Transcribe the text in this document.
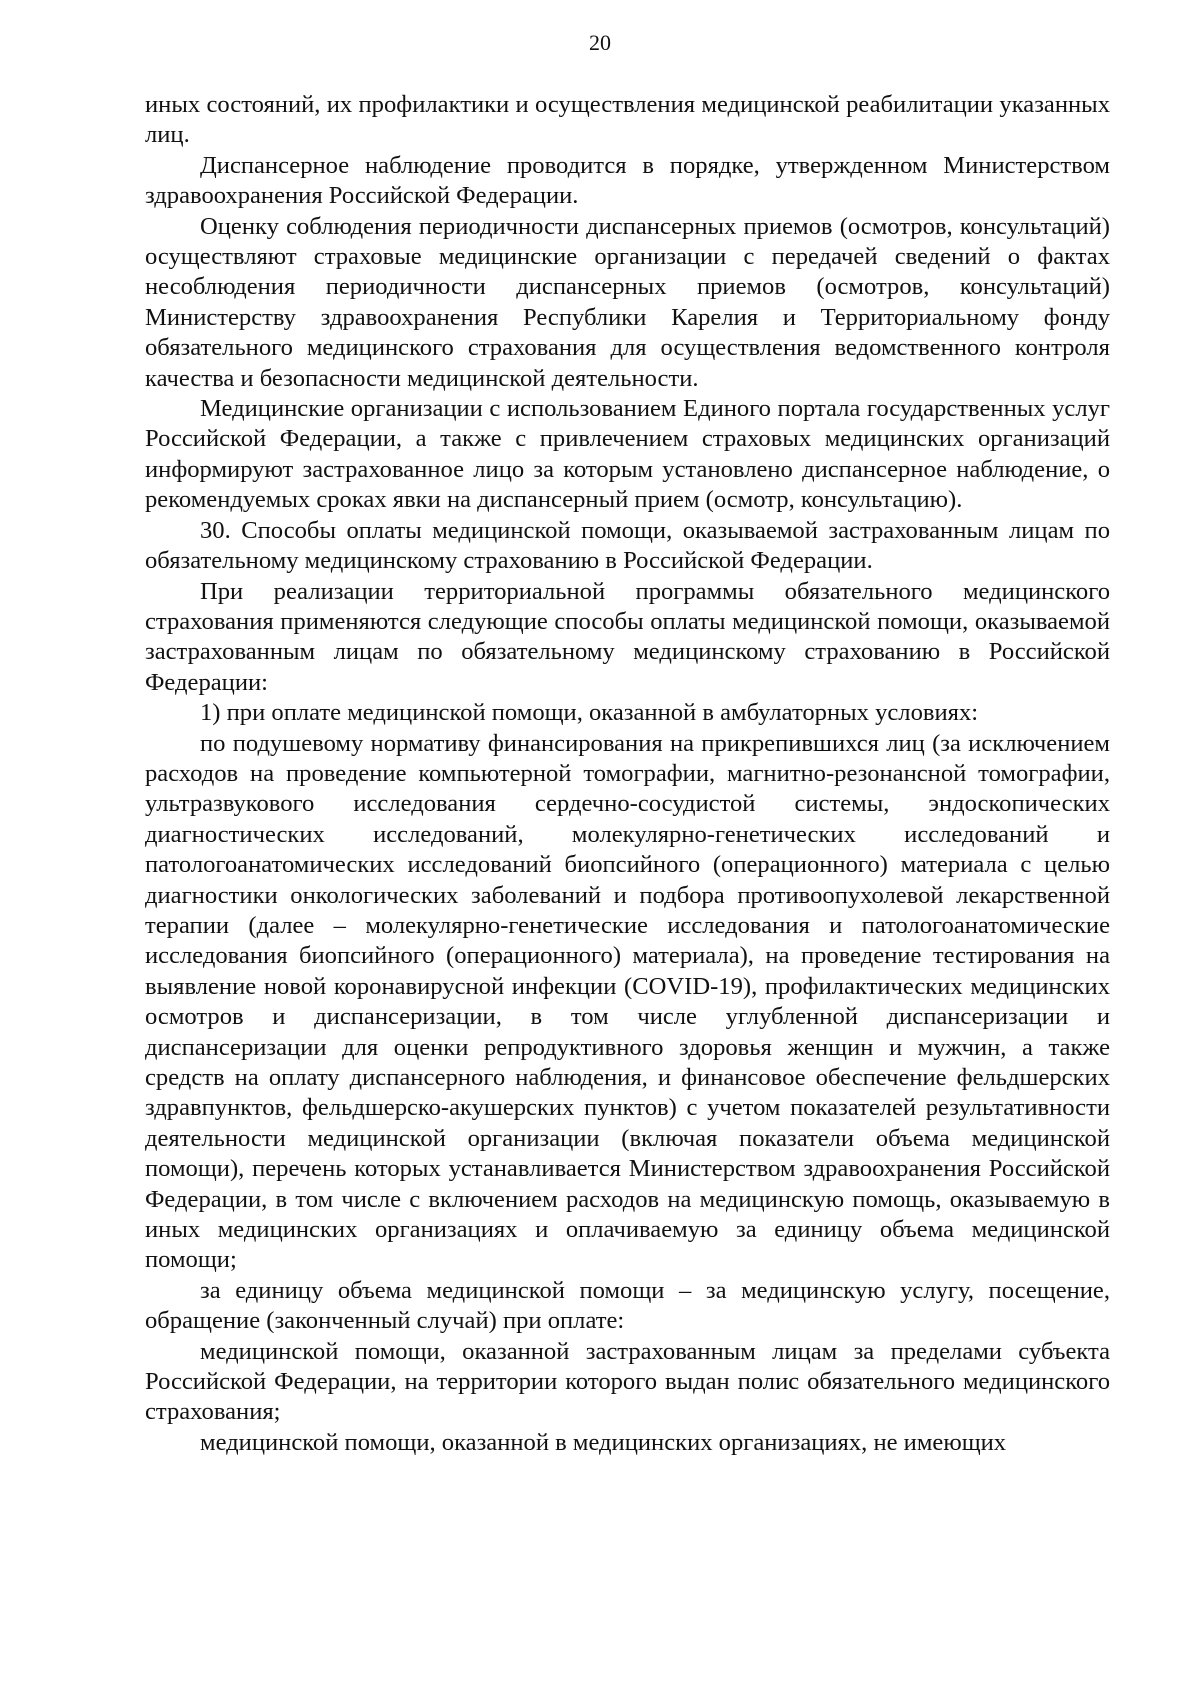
20

иных состояний, их профилактики и осуществления медицинской реабилитации указанных лиц.

Диспансерное наблюдение проводится в порядке, утвержденном Министерством здравоохранения Российской Федерации.

Оценку соблюдения периодичности диспансерных приемов (осмотров, консультаций) осуществляют страховые медицинские организации с передачей сведений о фактах несоблюдения периодичности диспансерных приемов (осмотров, консультаций) Министерству здравоохранения Республики Карелия и Территориальному фонду обязательного медицинского страхования для осуществления ведомственного контроля качества и безопасности медицинской деятельности.

Медицинские организации с использованием Единого портала государственных услуг Российской Федерации, а также с привлечением страховых медицинских организаций информируют застрахованное лицо за которым установлено диспансерное наблюдение, о рекомендуемых сроках явки на диспансерный прием (осмотр, консультацию).

30. Способы оплаты медицинской помощи, оказываемой застрахованным лицам по обязательному медицинскому страхованию в Российской Федерации.

При реализации территориальной программы обязательного медицинского страхования применяются следующие способы оплаты медицинской помощи, оказываемой застрахованным лицам по обязательному медицинскому страхованию в Российской Федерации:

1) при оплате медицинской помощи, оказанной в амбулаторных условиях:

по подушевому нормативу финансирования на прикрепившихся лиц (за исключением расходов на проведение компьютерной томографии, магнитно-резонансной томографии, ультразвукового исследования сердечно-сосудистой системы, эндоскопических диагностических исследований, молекулярно-генетических исследований и патологоанатомических исследований биопсийного (операционного) материала с целью диагностики онкологических заболеваний и подбора противоопухолевой лекарственной терапии (далее – молекулярно-генетические исследования и патологоанатомические исследования биопсийного (операционного) материала), на проведение тестирования на выявление новой коронавирусной инфекции (COVID-19), профилактических медицинских осмотров и диспансеризации, в том числе углубленной диспансеризации и диспансеризации для оценки репродуктивного здоровья женщин и мужчин, а также средств на оплату диспансерного наблюдения, и финансовое обеспечение фельдшерских здравпунктов, фельдшерско-акушерских пунктов) с учетом показателей результативности деятельности медицинской организации (включая показатели объема медицинской помощи), перечень которых устанавливается Министерством здравоохранения Российской Федерации, в том числе с включением расходов на медицинскую помощь, оказываемую в иных медицинских организациях и оплачиваемую за единицу объема медицинской помощи;

за единицу объема медицинской помощи – за медицинскую услугу, посещение, обращение (законченный случай) при оплате:

медицинской помощи, оказанной застрахованным лицам за пределами субъекта Российской Федерации, на территории которого выдан полис обязательного медицинского страхования;

медицинской помощи, оказанной в медицинских организациях, не имеющих
